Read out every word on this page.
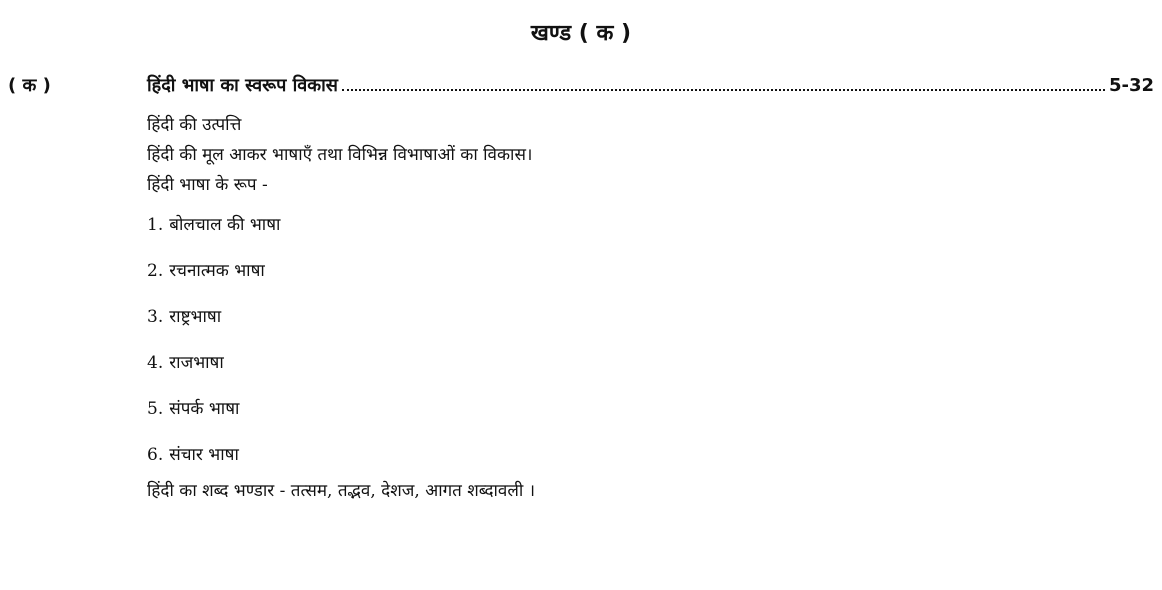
खण्ड ( क )
( क )	हिंदी भाषा का स्वरूप विकास	5-32
हिंदी की उत्पत्ति
हिंदी की मूल आकर भाषाएँ तथा विभिन्न विभाषाओं का विकास।
हिंदी भाषा के रूप -
1. बोलचाल की भाषा
2. रचनात्मक भाषा
3. राष्ट्रभाषा
4. राजभाषा
5. संपर्क भाषा
6. संचार भाषा
हिंदी का शब्द भण्डार - तत्सम, तद्भव, देशज, आगत शब्दावली ।
